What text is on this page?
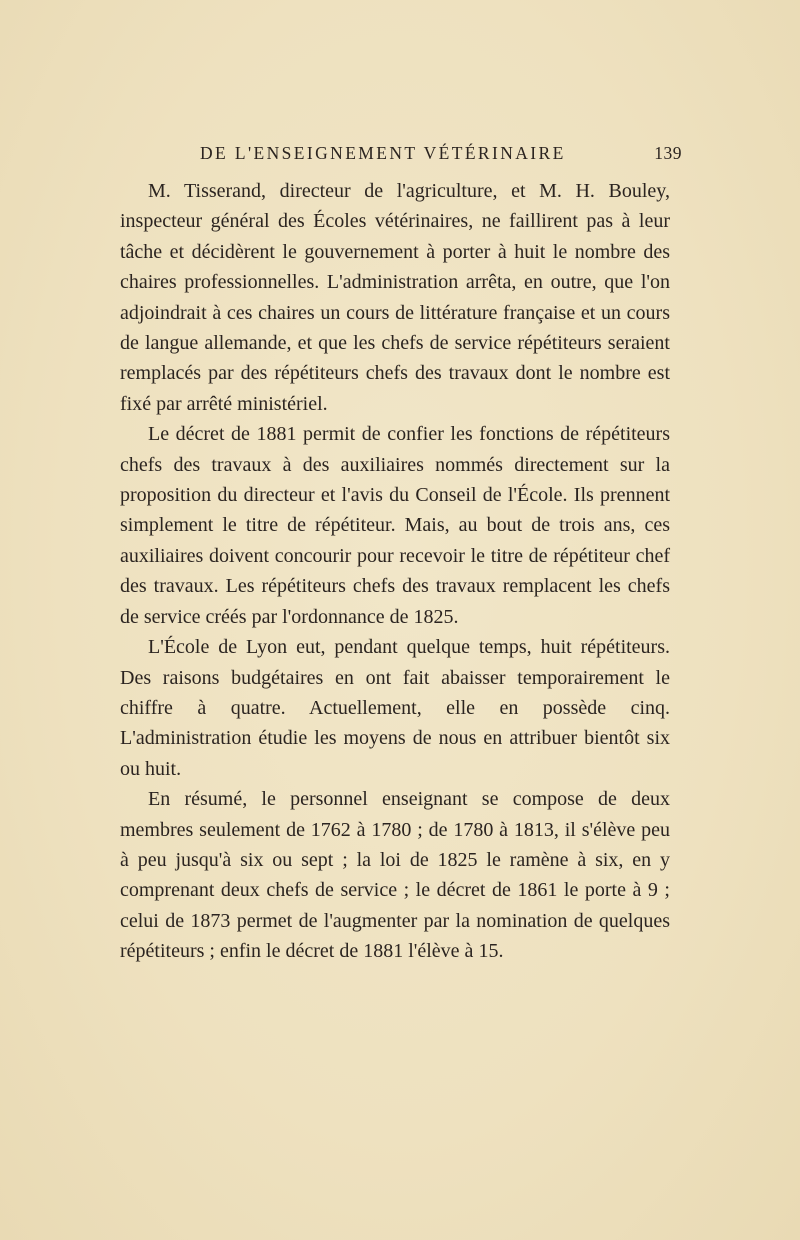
DE L'ENSEIGNEMENT VÉTÉRINAIRE	139

M. Tisserand, directeur de l'agriculture, et M. H. Bouley, inspecteur général des Écoles vétérinaires, ne faillirent pas à leur tâche et décidèrent le gouvernement à porter à huit le nombre des chaires professionnelles. L'administration arrêta, en outre, que l'on adjoindrait à ces chaires un cours de littérature française et un cours de langue allemande, et que les chefs de service répétiteurs seraient remplacés par des répétiteurs chefs des travaux dont le nombre est fixé par arrêté ministériel.

Le décret de 1881 permit de confier les fonctions de répétiteurs chefs des travaux à des auxiliaires nommés directement sur la proposition du directeur et l'avis du Conseil de l'École. Ils prennent simplement le titre de répétiteur. Mais, au bout de trois ans, ces auxiliaires doivent concourir pour recevoir le titre de répétiteur chef des travaux. Les répétiteurs chefs des travaux remplacent les chefs de service créés par l'ordonnance de 1825.

L'École de Lyon eut, pendant quelque temps, huit répétiteurs. Des raisons budgétaires en ont fait abaisser temporairement le chiffre à quatre. Actuellement, elle en possède cinq. L'administration étudie les moyens de nous en attribuer bientôt six ou huit.

En résumé, le personnel enseignant se compose de deux membres seulement de 1762 à 1780 ; de 1780 à 1813, il s'élève peu à peu jusqu'à six ou sept ; la loi de 1825 le ramène à six, en y comprenant deux chefs de service ; le décret de 1861 le porte à 9 ; celui de 1873 permet de l'augmenter par la nomination de quelques répétiteurs ; enfin le décret de 1881 l'élève à 15.
